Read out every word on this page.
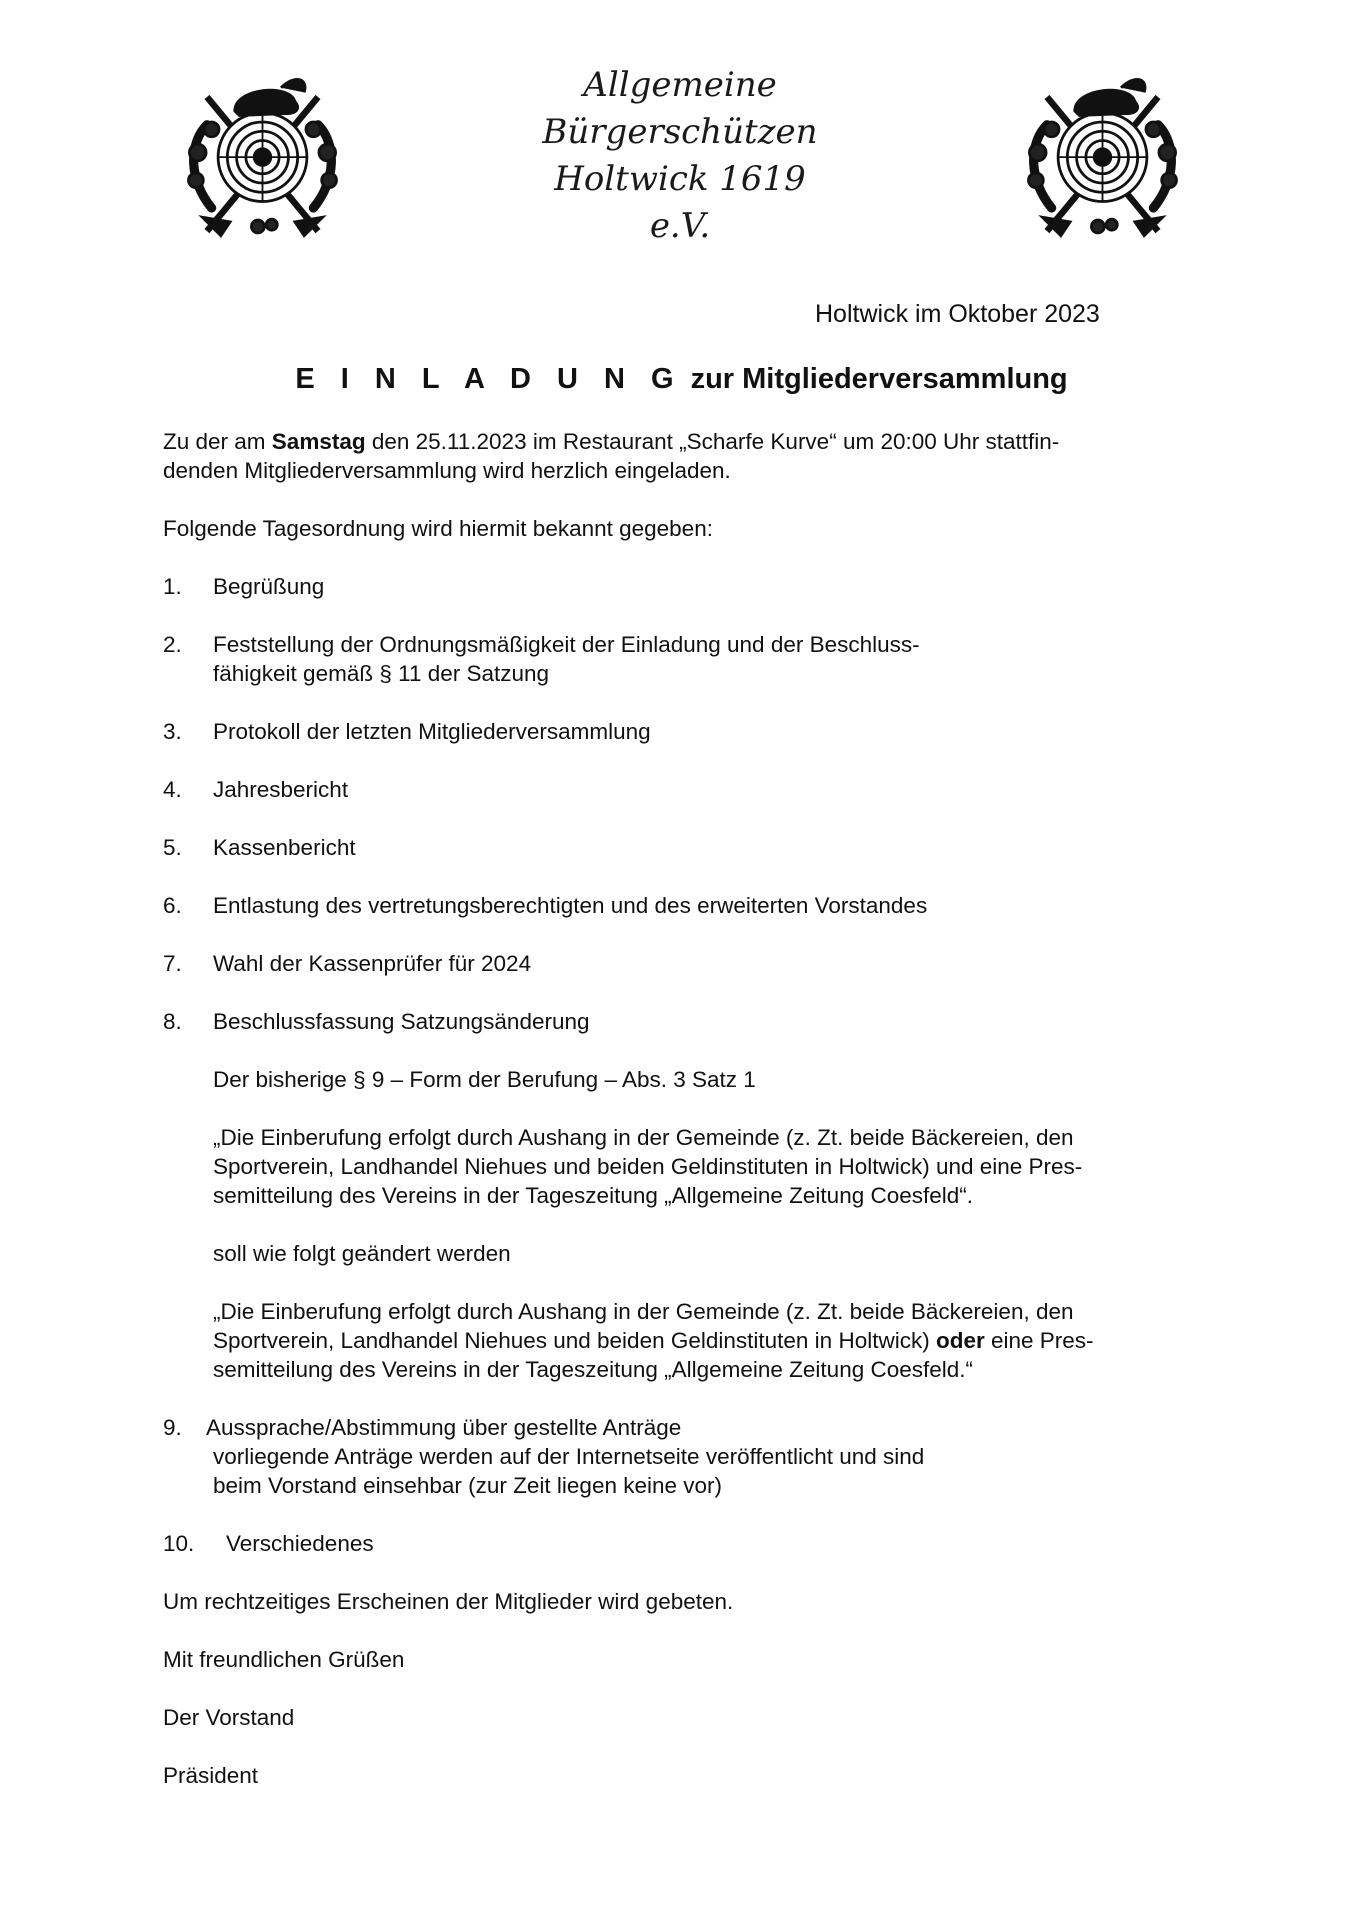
Allgemeine
Bürgerschützen
Holtwick 1619
e.V.
Holtwick im Oktober 2023
E I N L A D U N G zur Mitgliederversammlung
Zu der am Samstag den 25.11.2023 im Restaurant „Scharfe Kurve“ um 20:00 Uhr stattfin-
denden Mitgliederversammlung wird herzlich eingeladen.
Folgende Tagesordnung wird hiermit bekannt gegeben:
1. Begrüßung
2. Feststellung der Ordnungsmäßigkeit der Einladung und der Beschluss-
fähigkeit gemäß § 11 der Satzung
3. Protokoll der letzten Mitgliederversammlung
4. Jahresbericht
5. Kassenbericht
6. Entlastung des vertretungsberechtigten und des erweiterten Vorstandes
7. Wahl der Kassenprüfer für 2024
8. Beschlussfassung Satzungsänderung
Der bisherige § 9 – Form der Berufung – Abs. 3 Satz 1
„Die Einberufung erfolgt durch Aushang in der Gemeinde (z. Zt. beide Bäckereien, den
Sportverein, Landhandel Niehues und beiden Geldinstituten in Holtwick) und eine Pres-
semitteilung des Vereins in der Tageszeitung „Allgemeine Zeitung Coesfeld“.
soll wie folgt geändert werden
„Die Einberufung erfolgt durch Aushang in der Gemeinde (z. Zt. beide Bäckereien, den
Sportverein, Landhandel Niehues und beiden Geldinstituten in Holtwick) oder eine Pres-
semitteilung des Vereins in der Tageszeitung „Allgemeine Zeitung Coesfeld.“
9. Aussprache/Abstimmung über gestellte Anträge
vorliegende Anträge werden auf der Internetseite veröffentlicht und sind
beim Vorstand einsehbar (zur Zeit liegen keine vor)
10. Verschiedenes
Um rechtzeitiges Erscheinen der Mitglieder wird gebeten.
Mit freundlichen Grüßen
Der Vorstand
Präsident
